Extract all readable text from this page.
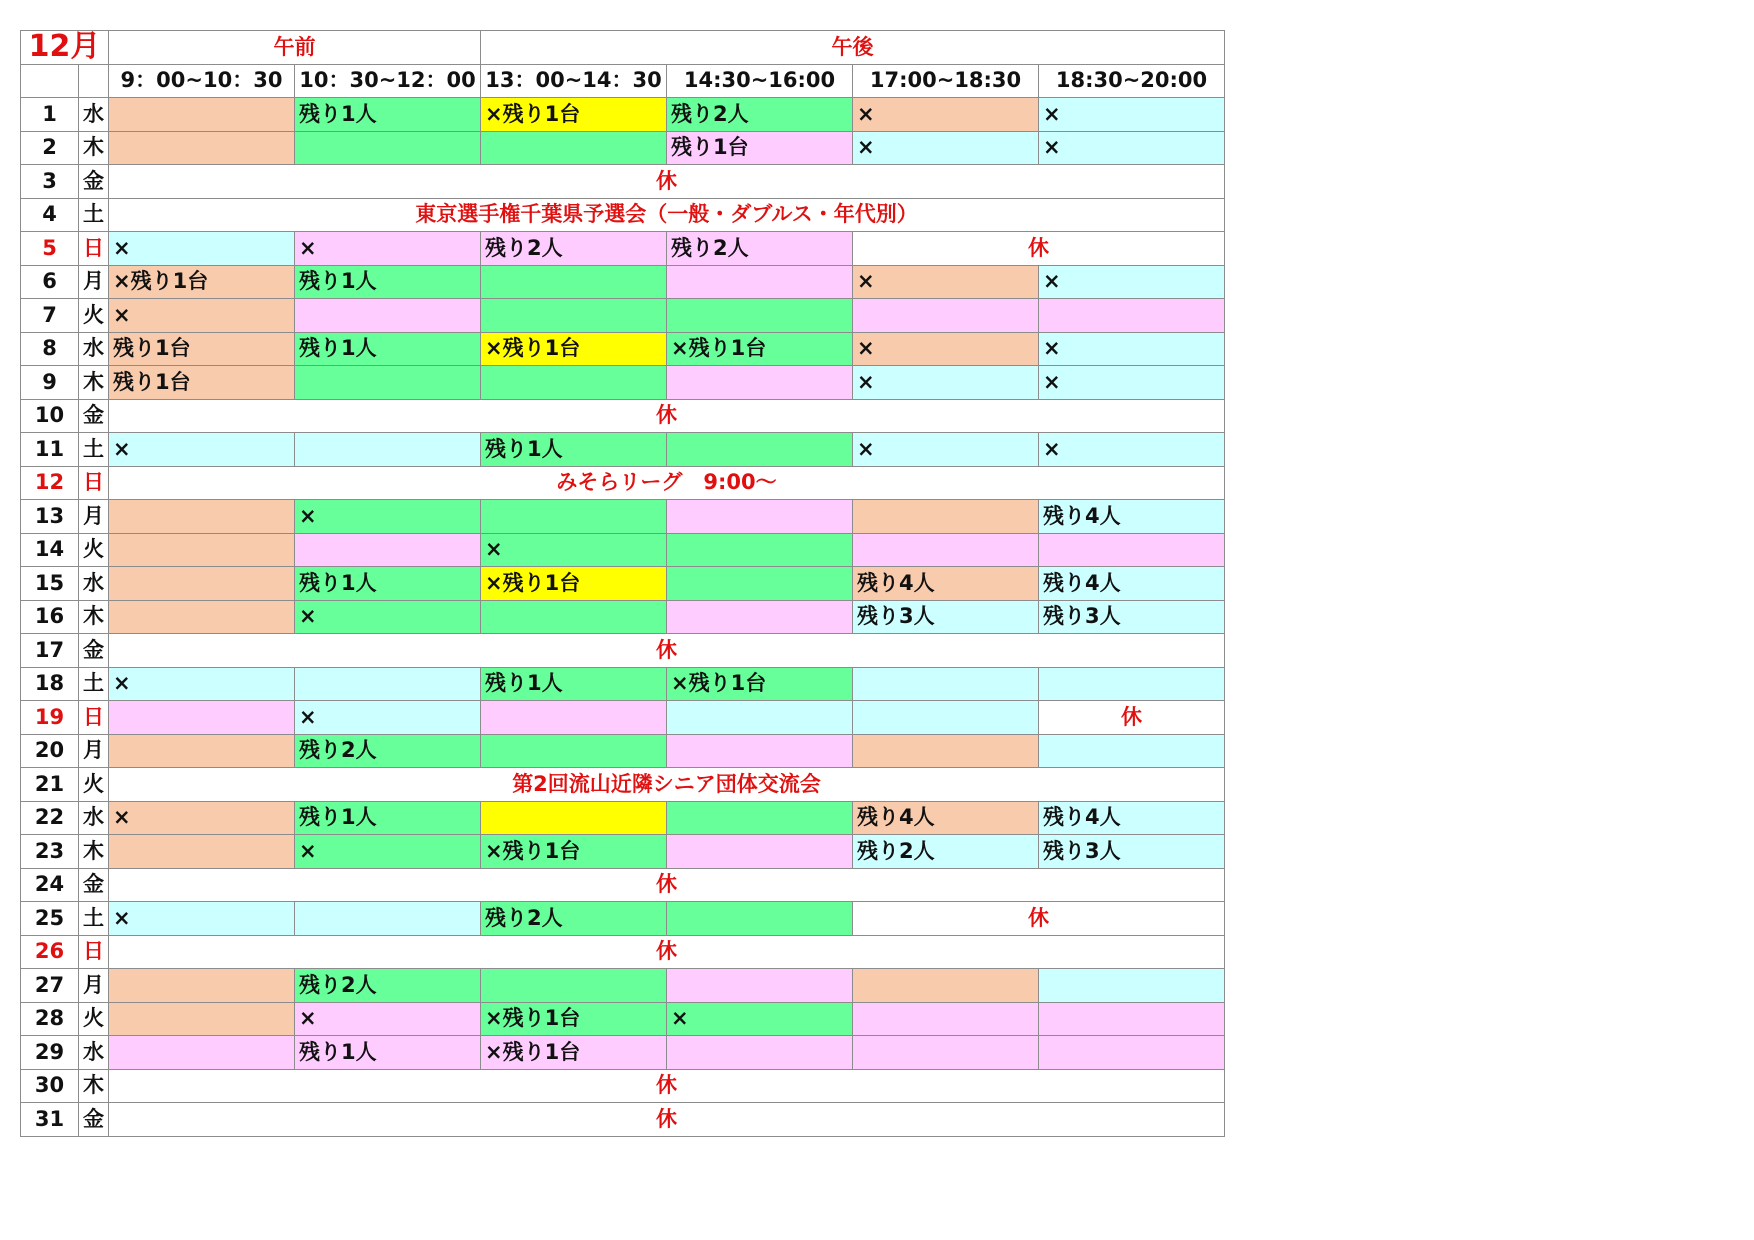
12月		午前		午後			
		9：00~10：30	10：30~12：00	13：00~14：30	14:30~16:00	17:00~18:30	18:30~20:00
1	水		残り1人	×残り1台	残り2人	×	×
2	木				残り1台	×	×
3	金	休					
4	土	東京選手権千葉県予選会（一般・ダブルス・年代別）					
5	日	×	×	残り2人	残り2人	休	
6	月	×残り1台	残り1人			×	×
7	火	×					
8	水	残り1台	残り1人	×残り1台	×残り1台	×	×
9	木	残り1台				×	×
10	金	休					
11	土	×		残り1人		×	×
12	日	みそらリーグ　9:00～					
13	月		×				残り4人
14	火			×			
15	水		残り1人	×残り1台		残り4人	残り4人
16	木		×			残り3人	残り3人
17	金	休					
18	土	×		残り1人	×残り1台		
19	日		×				休
20	月		残り2人				
21	火	第2回流山近隣シニア団体交流会					
22	水	×	残り1人			残り4人	残り4人
23	木		×	×残り1台		残り2人	残り3人
24	金	休					
25	土	×		残り2人		休	
26	日	休					
27	月		残り2人				
28	火		×	×残り1台	×		
29	水		残り1人	×残り1台			
30	木	休					
31	金	休					
